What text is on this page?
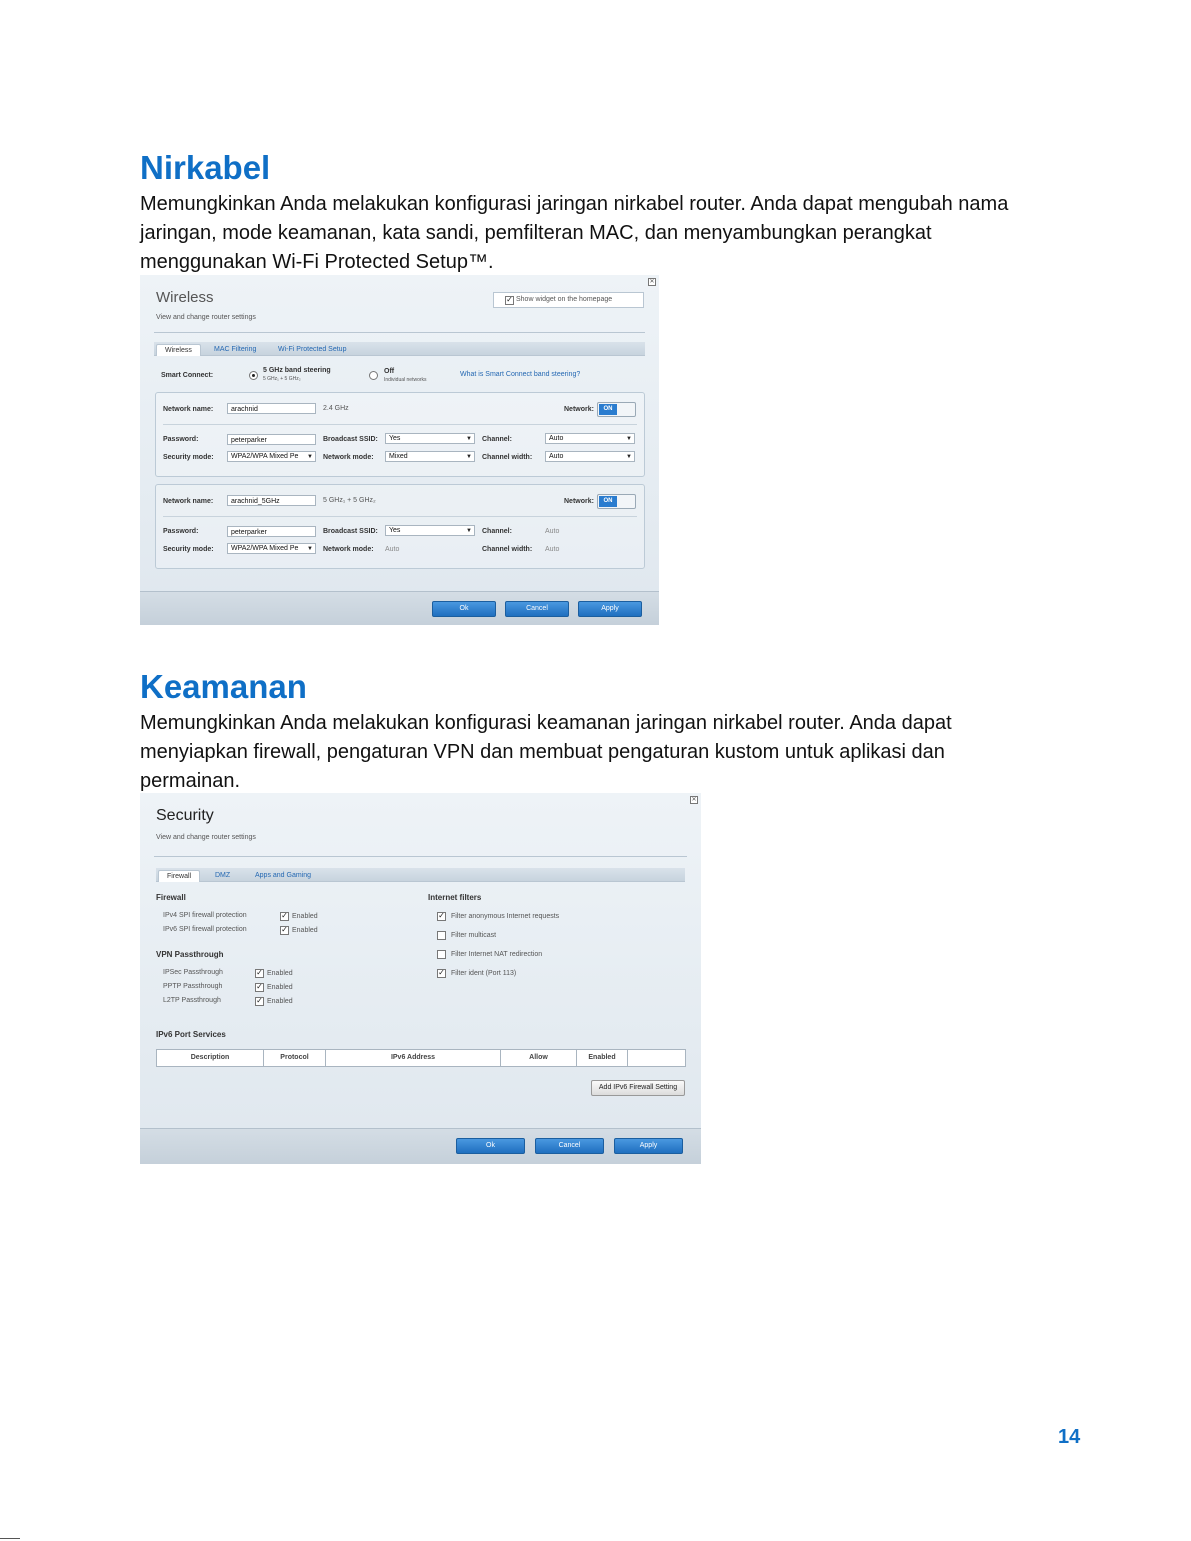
Nirkabel

Memungkinkan Anda melakukan konfigurasi jaringan nirkabel router. Anda dapat mengubah nama
jaringan, mode keamanan, kata sandi, pemfilteran MAC, dan menyambungkan perangkat
menggunakan Wi-Fi Protected Setup™.

✕
Wireless
View and change router settings
✓ Show widget on the homepage
Wireless	MAC Filtering	Wi-Fi Protected Setup
Smart Connect:
5 GHz band steering
5 GHz₁ + 5 GHz₂
Off
Individual networks
What is Smart Connect band steering?
Network name:	arachnid	2.4 GHz	Network:	ON
Password:	peterparker	Broadcast SSID:	Yes	▼ Channel:	Auto	▼
Security mode:	WPA2/WPA Mixed Pe ▼ Network mode:	Mixed	▼ Channel width:	Auto	▼
Network name:	arachnid_5GHz	5 GHz₁ + 5 GHz₂	Network:	ON
Password:	peterparker	Broadcast SSID:	Yes	▼ Channel:	Auto
Security mode:	WPA2/WPA Mixed Pe ▼ Network mode: Auto	Channel width: Auto
Ok	Cancel	Apply
Keamanan

Memungkinkan Anda melakukan konfigurasi keamanan jaringan nirkabel router. Anda dapat
menyiapkan firewall, pengaturan VPN dan membuat pengaturan kustom untuk aplikasi dan
permainan.

✕
Security
View and change router settings
Firewall	DMZ	Apps and Gaming
Firewall
IPv4 SPI firewall protection	✓ Enabled
IPv6 SPI firewall protection	✓ Enabled
VPN Passthrough
IPSec Passthrough	✓ Enabled
PPTP Passthrough	✓ Enabled
L2TP Passthrough	✓ Enabled
Internet filters
✓ Filter anonymous Internet requests
Filter multicast
Filter Internet NAT redirection
✓ Filter ident (Port 113)
IPv6 Port Services
Description	Protocol	IPv6 Address	Allow	Enabled
Add IPv6 Firewall Setting
Ok	Cancel	Apply
14
